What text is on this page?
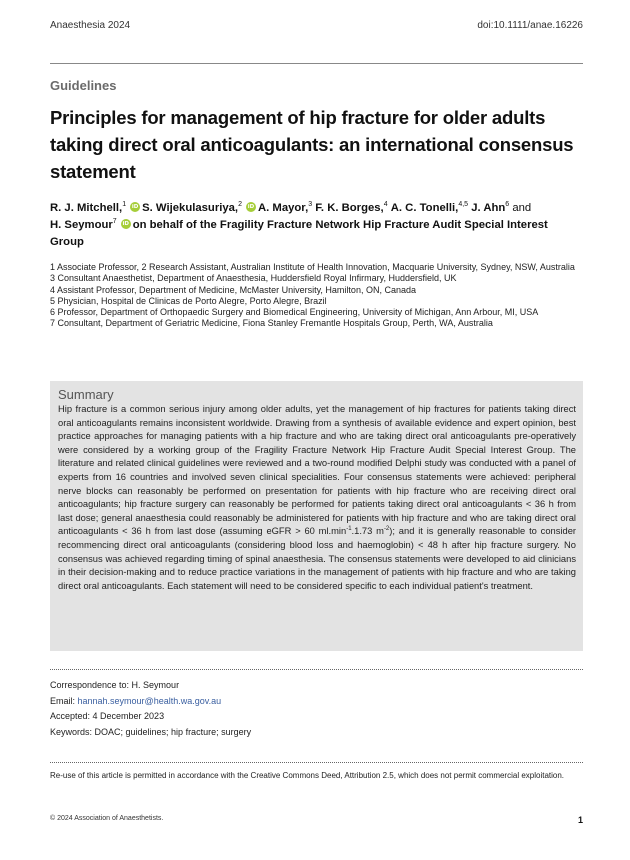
Anaesthesia 2024	doi:10.1111/anae.16226
Guidelines
Principles for management of hip fracture for older adults taking direct oral anticoagulants: an international consensus statement
R. J. Mitchell,$^1$ iD S. Wijekulasuriya,$^2$ iD A. Mayor,$^3$ F. K. Borges,$^4$ A. C. Tonelli,$^{4,5}$ J. Ahn$^6$ and
H. Seymour$^7$ iD on behalf of the Fragility Fracture Network Hip Fracture Audit Special Interest Group
1 Associate Professor, 2 Research Assistant, Australian Institute of Health Innovation, Macquarie University, Sydney, NSW, Australia
3 Consultant Anaesthetist, Department of Anaesthesia, Huddersfield Royal Infirmary, Huddersfield, UK
4 Assistant Professor, Department of Medicine, McMaster University, Hamilton, ON, Canada
5 Physician, Hospital de Clinicas de Porto Alegre, Porto Alegre, Brazil
6 Professor, Department of Orthopaedic Surgery and Biomedical Engineering, University of Michigan, Ann Arbour, MI, USA
7 Consultant, Department of Geriatric Medicine, Fiona Stanley Fremantle Hospitals Group, Perth, WA, Australia
Summary

Hip fracture is a common serious injury among older adults, yet the management of hip fractures for patients taking direct oral anticoagulants remains inconsistent worldwide. Drawing from a synthesis of available evidence and expert opinion, best practice approaches for managing patients with a hip fracture and who are taking direct oral anticoagulants pre-operatively were considered by a working group of the Fragility Fracture Network Hip Fracture Audit Special Interest Group. The literature and related clinical guidelines were reviewed and a two-round modified Delphi study was conducted with a panel of experts from 16 countries and involved seven clinical specialities. Four consensus statements were achieved: peripheral nerve blocks can reasonably be performed on presentation for patients with hip fracture who are receiving direct oral anticoagulants; hip fracture surgery can reasonably be performed for patients taking direct oral anticoagulants < 36 h from last dose; general anaesthesia could reasonably be administered for patients with hip fracture and who are taking direct oral anticoagulants < 36 h from last dose (assuming eGFR > 60 $ml.\min^{-1}.1.73$ $m^{-2}$); and it is generally reasonable to consider recommencing direct oral anticoagulants (considering blood loss and haemoglobin) < 48 h after hip fracture surgery. No consensus was achieved regarding timing of spinal anaesthesia. The consensus statements were developed to aid clinicians in their decision-making and to reduce practice variations in the management of patients with hip fracture and who are taking direct oral anticoagulants. Each statement will need to be considered specific to each individual patient's treatment.

Correspondence to: H. Seymour
Email: hannah.seymour@health.wa.gov.au
Accepted: 4 December 2023
Keywords: DOAC; guidelines; hip fracture; surgery
Re-use of this article is permitted in accordance with the Creative Commons Deed, Attribution 2.5, which does not permit commercial exploitation.
© 2024 Association of Anaesthetists.	1
